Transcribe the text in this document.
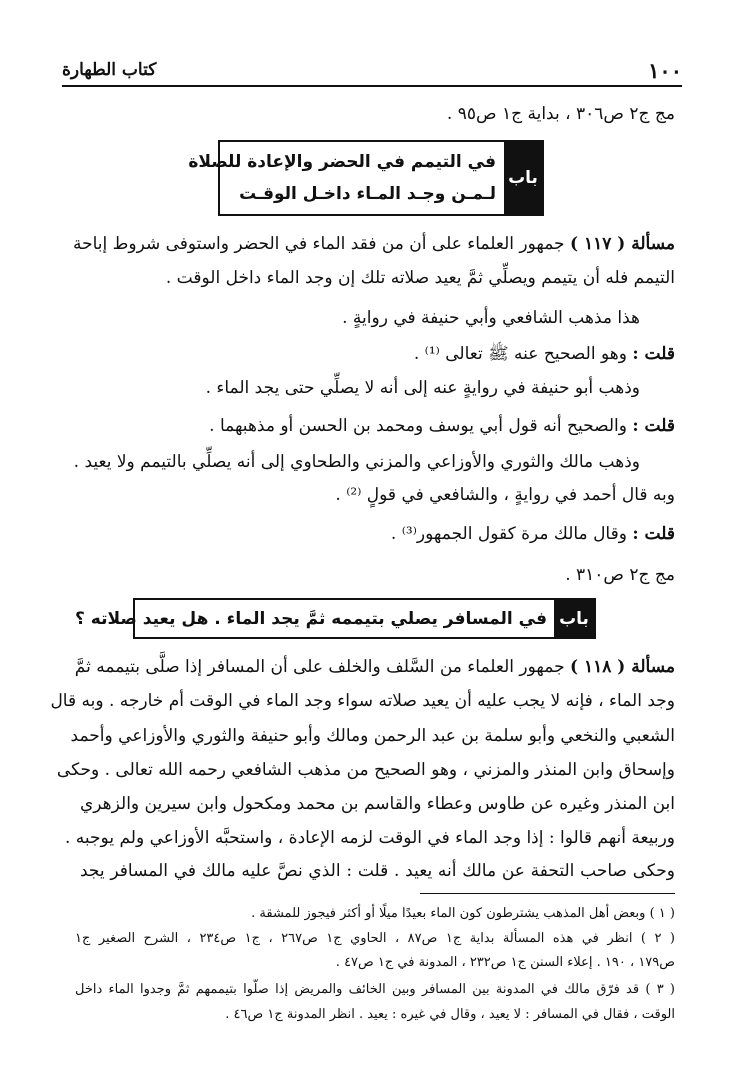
١٠٠
كتاب الطهارة
مج ج٢ ص٣٠٦ ، بداية ج١ ص٩٥ .
باب
في التيمم في الحضر والإعادة للصلاة
لـمـن وجـد المـاء داخـل الوقـت
مسألة ( ١١٧ ) جمهور العلماء على أن من فقد الماء في الحضر واستوفى شروط إباحة
التيمم فله أن يتيمم ويصلِّي ثمَّ يعيد صلاته تلك إن وجد الماء داخل الوقت .
هذا مذهب الشافعي وأبي حنيفة في روايةٍ .
قلت : وهو الصحيح عنه ﷺ تعالى ⁽¹⁾ .
وذهب أبو حنيفة في روايةٍ عنه إلى أنه لا يصلِّي حتى يجد الماء .
قلت : والصحيح أنه قول أبي يوسف ومحمد بن الحسن أو مذهبهما .
وذهب مالك والثوري والأوزاعي والمزني والطحاوي إلى أنه يصلِّي بالتيمم ولا يعيد .
وبه قال أحمد في روايةٍ ، والشافعي في قولٍ ⁽²⁾ .
قلت : وقال مالك مرة كقول الجمهور⁽³⁾ .
مج ج٢ ص٣١٠ .
باب
في المسافر يصلي بتيممه ثمَّ يجد الماء . هل يعيد صلاته ؟
مسألة ( ١١٨ ) جمهور العلماء من السَّلف والخلف على أن المسافر إذا صلَّى بتيممه ثمَّ
وجد الماء ، فإنه لا يجب عليه أن يعيد صلاته سواء وجد الماء في الوقت أم خارجه . وبه قال
الشعبي والنخعي وأبو سلمة بن عبد الرحمن ومالك وأبو حنيفة والثوري والأوزاعي وأحمد
وإسحاق وابن المنذر والمزني ، وهو الصحيح من مذهب الشافعي رحمه الله تعالى . وحكى
ابن المنذر وغيره عن طاوس وعطاء والقاسم بن محمد ومكحول وابن سيرين والزهري
وربيعة أنهم قالوا : إذا وجد الماء في الوقت لزمه الإعادة ، واستحبَّه الأوزاعي ولم يوجبه .
وحكى صاحب التحفة عن مالك أنه يعيد . قلت : الذي نصَّ عليه مالك في المسافر يجد
( ١ ) وبعض أهل المذهب يشترطون كون الماء بعيدًا ميلًا أو أكثر فيجوز للمشقة .
( ٢ ) انظر في هذه المسألة بداية ج١ ص٨٧ ، الحاوي ج١ ص٢٦٧ ، ج١ ص٢٣٤ ، الشرح الصغير ج١
ص١٧٩ ، ١٩٠ . إعلاء السنن ج١ ص٢٣٢ ، المدونة في ج١ ص٤٧ .
( ٣ ) قد فرّق مالك في المدونة بين المسافر وبين الخائف والمريض إذا صلّوا بتيممهم ثمَّ وجدوا الماء داخل
الوقت ، فقال في المسافر : لا يعيد ، وقال في غيره : يعيد . انظر المدونة ج١ ص٤٦ .
